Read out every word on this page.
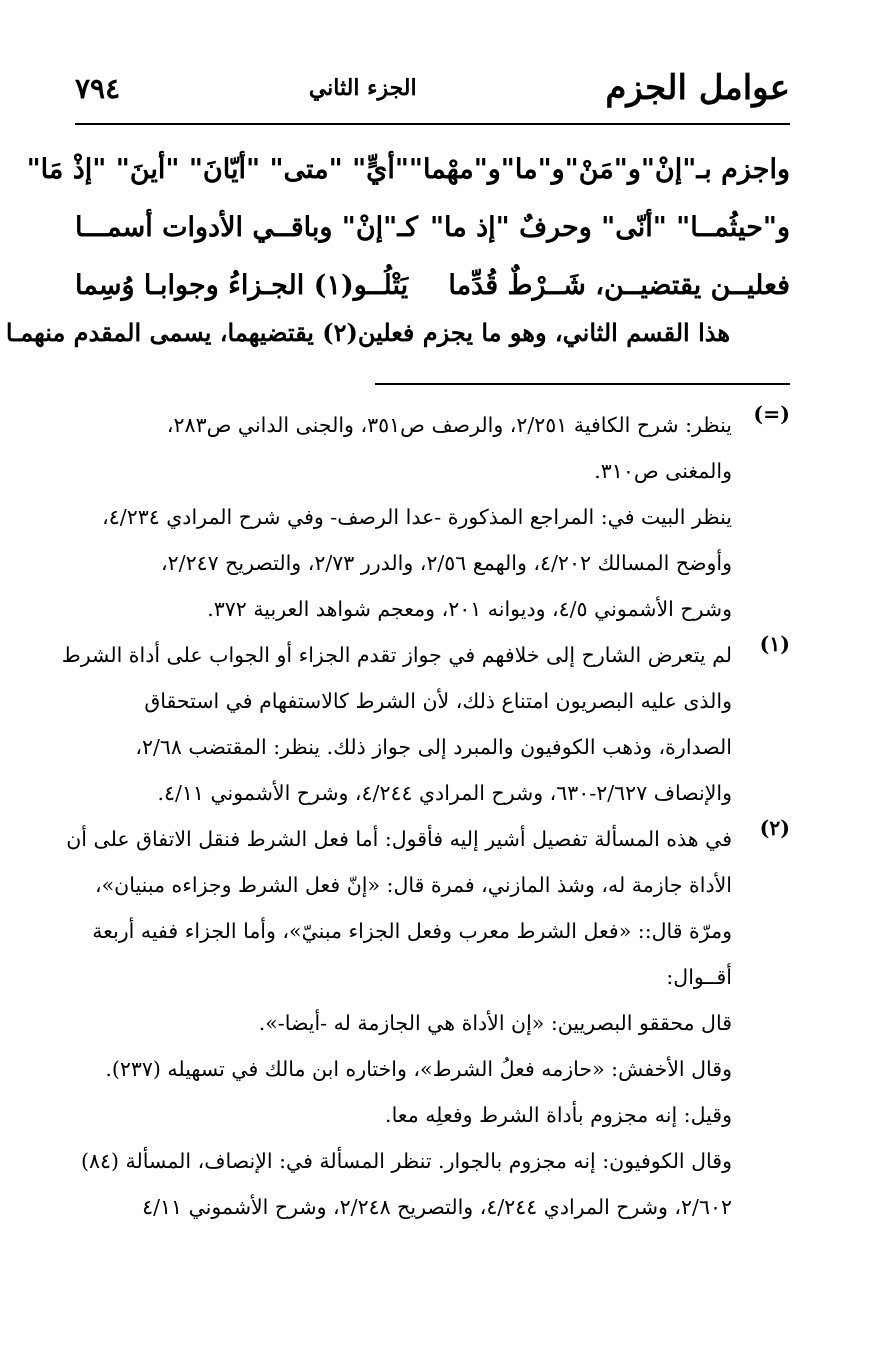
عوامل الجزم
الجزء الثاني
٧٩٤
واجزم بـ"إنْ"و"مَنْ"و"ما"و"مهْما"
"أيٍّ" "متى" "أيّانَ" "أينَ" "إذْ مَا"
و"حيثُمــا" "أنّى" وحرفٌ "إذ ما"
كـ"إنْ" وباقــي الأدوات أسمـــا
فعليــن يقتضيــن، شَــرْطٌ قُدِّما
يَتْلُــو(١) الجـزاءُ وجوابـا وُسِما
هذا القسم الثاني، وهو ما يجزم فعلين(٢) يقتضيهما، يسمى المقدم منهمـا
(=)
ينظر: شرح الكافية ٢/٢٥١، والرصف ص٣٥١، والجنى الداني ص٢٨٣،
والمغنى ص٣١٠.
ينظر البيت في: المراجع المذكورة -عدا الرصف- وفي شرح المرادي ٤/٢٣٤،
وأوضح المسالك ٤/٢٠٢، والهمع ٢/٥٦، والدرر ٢/٧٣، والتصريح ٢/٢٤٧،
وشرح الأشموني ٤/٥، وديوانه ٢٠١، ومعجم شواهد العربية ٣٧٢.
(١)
لم يتعرض الشارح إلى خلافهم في جواز تقدم الجزاء أو الجواب على أداة الشرط
والذى عليه البصريون امتناع ذلك، لأن الشرط كالاستفهام في استحقاق
الصدارة، وذهب الكوفيون والمبرد إلى جواز ذلك. ينظر: المقتضب ٢/٦٨،
والإنصاف ٢/٦٢٧-٦٣٠، وشرح المرادي ٤/٢٤٤، وشرح الأشموني ٤/١١.
(٢)
في هذه المسألة تفصيل أشير إليه فأقول: أما فعل الشرط فنقل الاتفاق على أن
الأداة جازمة له، وشذ المازني، فمرة قال: «إنّ فعل الشرط وجزاءه مبنيان»،
ومرّة قال:: «فعل الشرط معرب وفعل الجزاء مبنيّ»، وأما الجزاء ففيه أربعة
أقــوال:
قال محققو البصريين: «إن الأداة هي الجازمة له -أيضا-».
وقال الأخفش: «حازمه فعلُ الشرط»، واختاره ابن مالك في تسهيله (٢٣٧).
وقيل: إنه مجزوم بأداة الشرط وفعلِه معا.
وقال الكوفيون: إنه مجزوم بالجوار. تنظر المسألة في: الإنصاف، المسألة (٨٤)
٢/٦٠٢، وشرح المرادي ٤/٢٤٤، والتصريح ٢/٢٤٨، وشرح الأشموني ٤/١١
